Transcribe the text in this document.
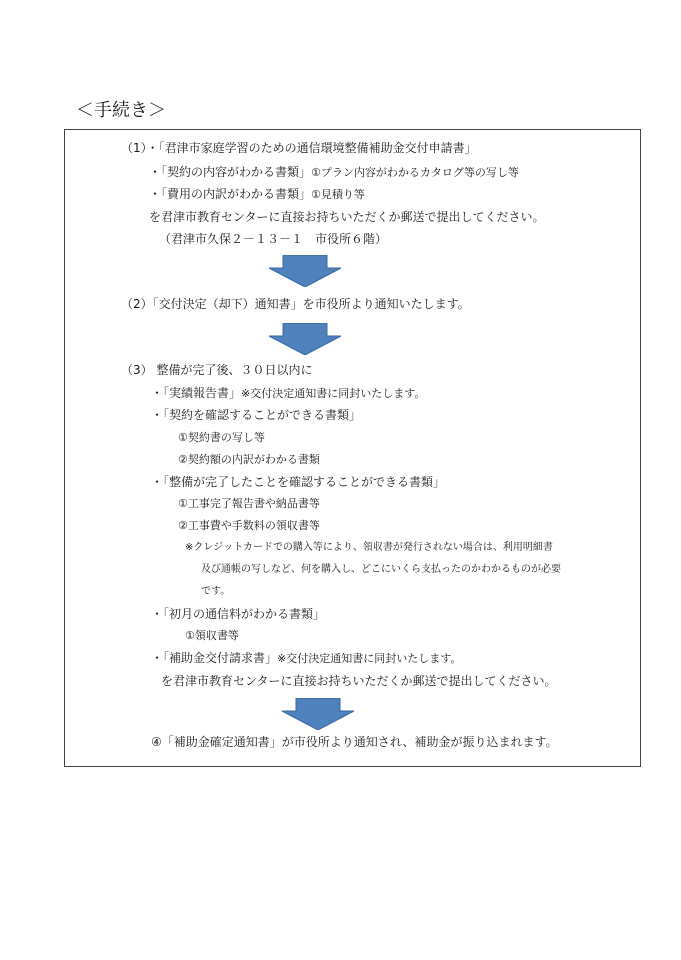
＜手続き＞
（1）・「君津市家庭学習のための通信環境整備補助金交付申請書」
・「契約の内容がわかる書類」①プラン内容がわかるカタログ等の写し等
・「費用の内訳がわかる書類」①見積り等
を君津市教育センターに直接お持ちいただくか郵送で提出してください。
（君津市久保２－１３－１　市役所６階）
（2）「交付決定（却下）通知書」を市役所より通知いたします。
（3） 整備が完了後、３０日以内に
・「実績報告書」※交付決定通知書に同封いたします。
・「契約を確認することができる書類」
①契約書の写し等
②契約額の内訳がわかる書類
・「整備が完了したことを確認することができる書類」
①工事完了報告書や納品書等
②工事費や手数料の領収書等
※クレジットカードでの購入等により、領収書が発行されない場合は、利用明細書
及び通帳の写しなど、何を購入し、どこにいくら支払ったのかわかるものが必要
です。
・「初月の通信料がわかる書類」
①領収書等
・「補助金交付請求書」※交付決定通知書に同封いたします。
を君津市教育センターに直接お持ちいただくか郵送で提出してください。
④「補助金確定通知書」が市役所より通知され、補助金が振り込まれます。
